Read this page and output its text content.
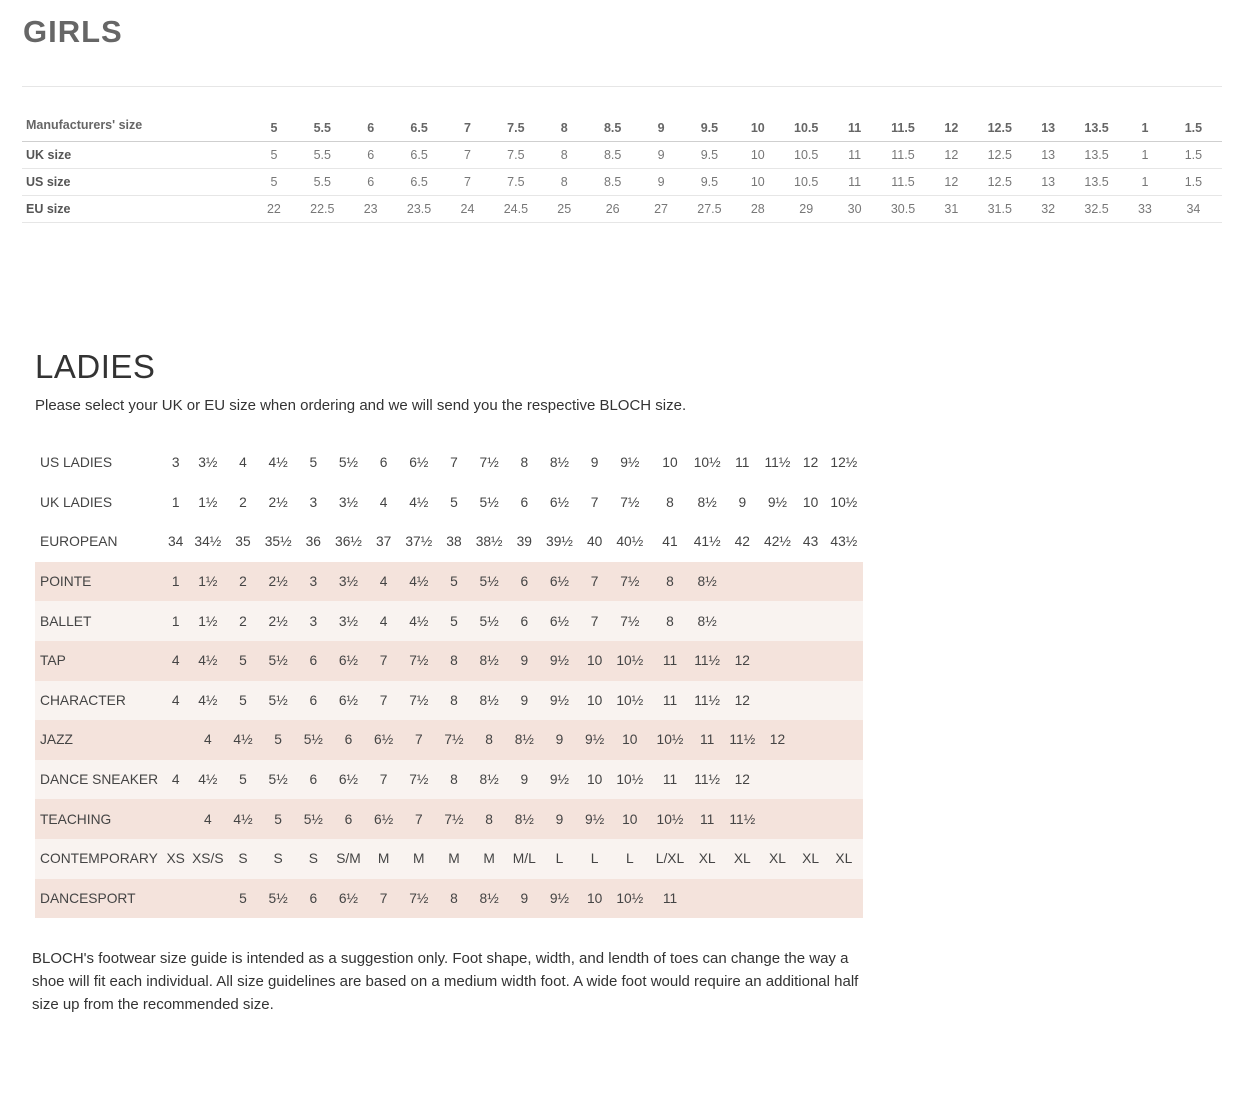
GIRLS
Manufacturers' size	5	5.5	6	6.5	7	7.5	8	8.5	9	9.5	10	10.5	11	11.5	12	12.5	13	13.5	1	1.5
UK size	5	5.5	6	6.5	7	7.5	8	8.5	9	9.5	10	10.5	11	11.5	12	12.5	13	13.5	1	1.5
US size	5	5.5	6	6.5	7	7.5	8	8.5	9	9.5	10	10.5	11	11.5	12	12.5	13	13.5	1	1.5
EU size	22	22.5	23	23.5	24	24.5	25	26	27	27.5	28	29	30	30.5	31	31.5	32	32.5	33	34
LADIES
Please select your UK or EU size when ordering and we will send you the respective BLOCH size.
US LADIES	3	3½	4	4½	5	5½	6	6½	7	7½	8	8½	9	9½	10	10½	11	11½	12	12½
UK LADIES	1	1½	2	2½	3	3½	4	4½	5	5½	6	6½	7	7½	8	8½	9	9½	10	10½
EUROPEAN	34	34½	35	35½	36	36½	37	37½	38	38½	39	39½	40	40½	41	41½	42	42½	43	43½
POINTE	1	1½	2	2½	3	3½	4	4½	5	5½	6	6½	7	7½	8	8½				
BALLET	1	1½	2	2½	3	3½	4	4½	5	5½	6	6½	7	7½	8	8½				
TAP	4	4½	5	5½	6	6½	7	7½	8	8½	9	9½	10	10½	11	11½	12			
CHARACTER	4	4½	5	5½	6	6½	7	7½	8	8½	9	9½	10	10½	11	11½	12			
JAZZ		4	4½	5	5½	6	6½	7	7½	8	8½	9	9½	10	10½	11	11½	12		
DANCE SNEAKER	4	4½	5	5½	6	6½	7	7½	8	8½	9	9½	10	10½	11	11½	12			
TEACHING		4	4½	5	5½	6	6½	7	7½	8	8½	9	9½	10	10½	11	11½			
CONTEMPORARY	XS	XS/S	S	S	S	S/M	M	M	M	M	M/L	L	L	L	L/XL	XL	XL	XL	XL	XL
DANCESPORT			5	5½	6	6½	7	7½	8	8½	9	9½	10	10½	11					
BLOCH's footwear size guide is intended as a suggestion only. Foot shape, width, and lendth of toes can change the way a shoe will fit each individual. All size guidelines are based on a medium width foot. A wide foot would require an additional half size up from the recommended size.
